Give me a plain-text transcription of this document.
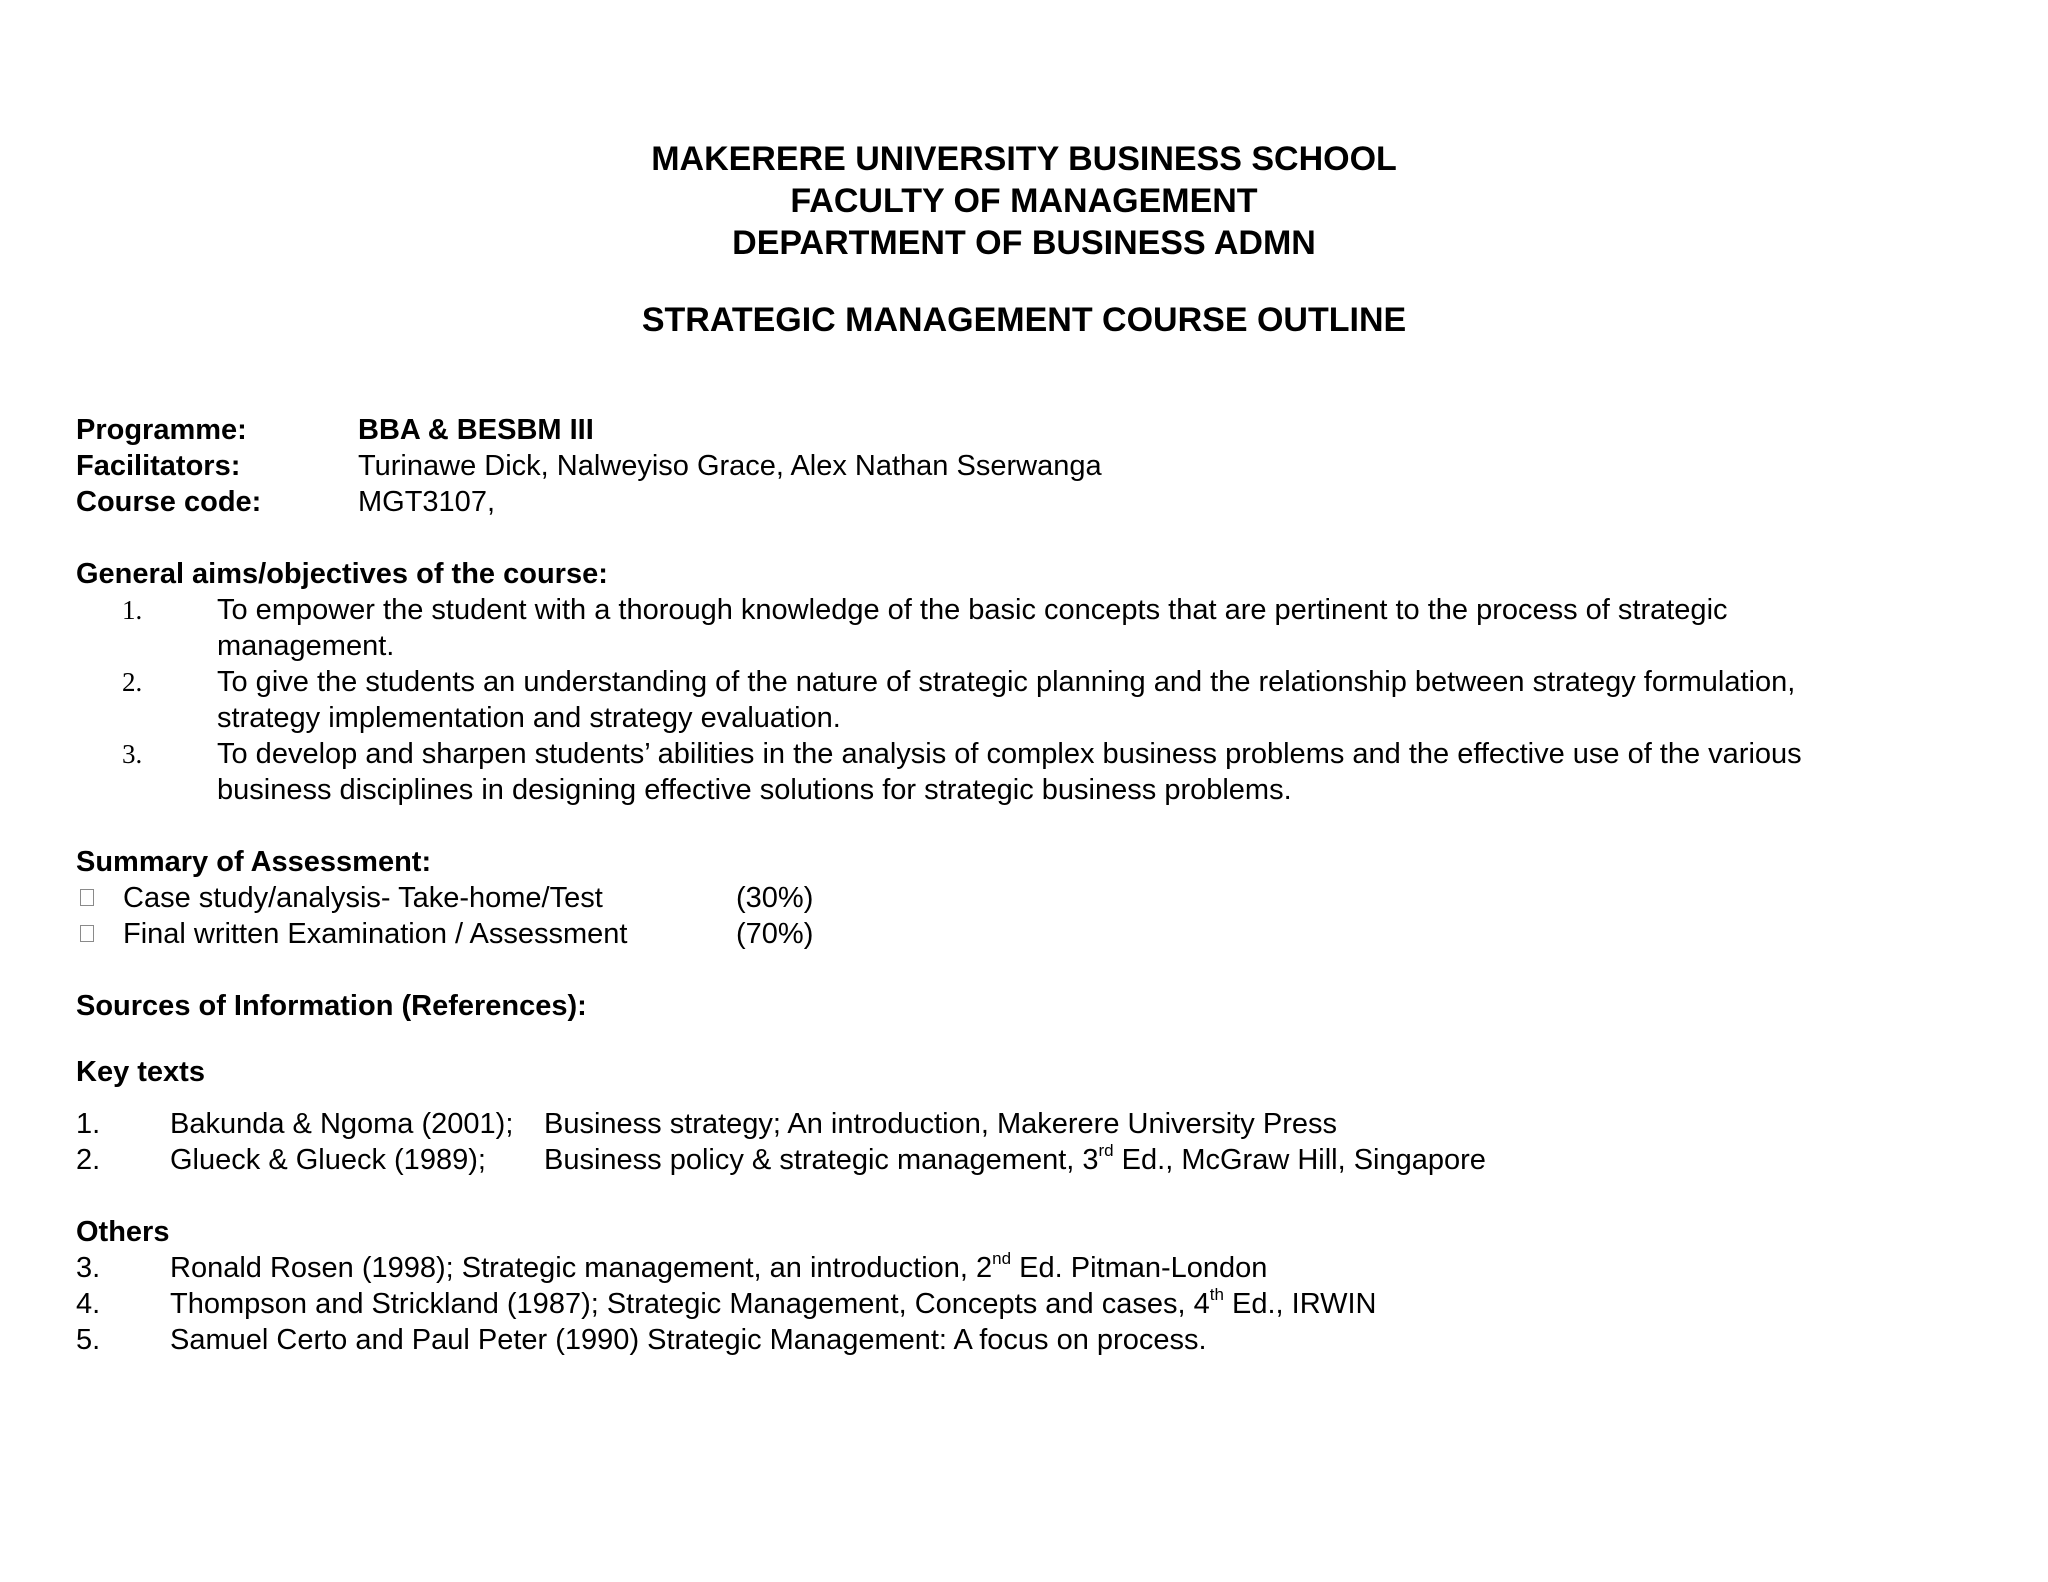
MAKERERE UNIVERSITY BUSINESS SCHOOL
FACULTY OF MANAGEMENT
DEPARTMENT OF BUSINESS ADMN
STRATEGIC MANAGEMENT COURSE OUTLINE
Programme:	BBA & BESBM III
Facilitators:	Turinawe Dick, Nalweyiso Grace, Alex Nathan Sserwanga
Course code:	MGT3107,
General aims/objectives of the course:
1.	To empower the student with a thorough knowledge of the basic concepts that are pertinent to the process of strategic
management.
2.	To give the students an understanding of the nature of strategic planning and the relationship between strategy formulation,
strategy implementation and strategy evaluation.
3.	To develop and sharpen students’ abilities in the analysis of complex business problems and the effective use of the various
business disciplines in designing effective solutions for strategic business problems.
Summary of Assessment:
Case study/analysis- Take-home/Test	(30%)
Final written Examination / Assessment	(70%)
Sources of Information (References):
Key texts
1. Bakunda & Ngoma (2001); Business strategy; An introduction, Makerere University Press
2. Glueck & Glueck (1989); Business policy & strategic management, 3rd Ed., McGraw Hill, Singapore
Others
3. Ronald Rosen (1998); Strategic management, an introduction, 2nd Ed. Pitman-London
4. Thompson and Strickland (1987); Strategic Management, Concepts and cases, 4th Ed., IRWIN
5. Samuel Certo and Paul Peter (1990) Strategic Management: A focus on process.
